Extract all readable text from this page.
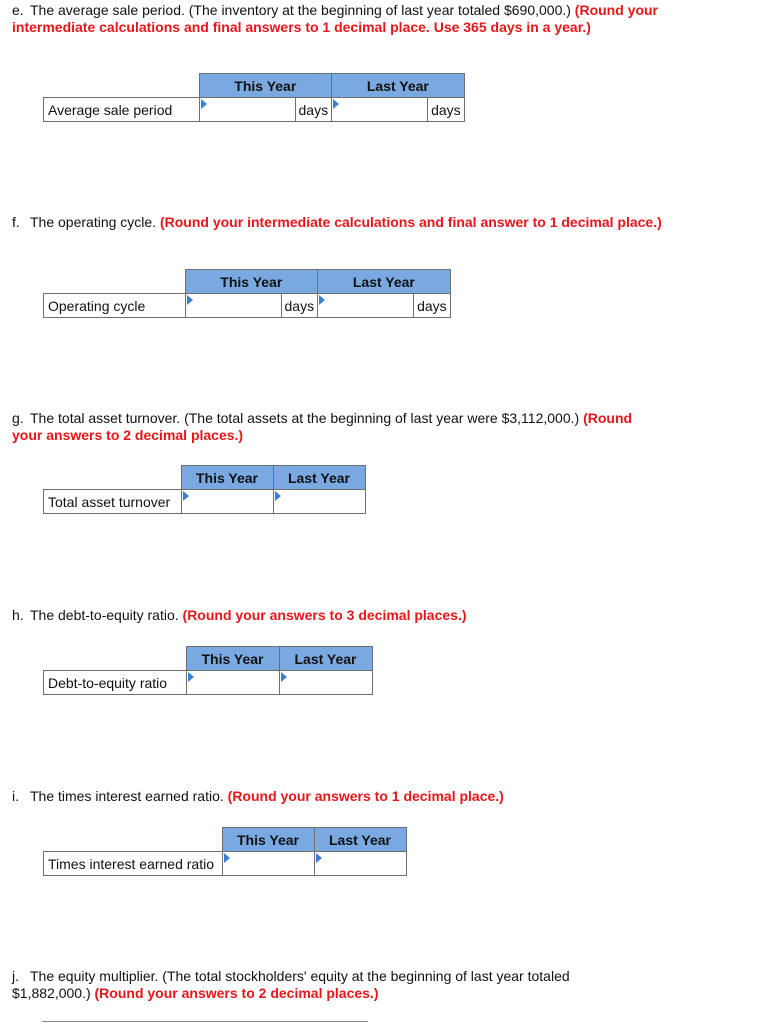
e. The average sale period. (The inventory at the beginning of last year totaled $690,000.) (Round your intermediate calculations and final answers to 1 decimal place. Use 365 days in a year.)
	This Year		Last Year	
Average sale period		days		days
f. The operating cycle. (Round your intermediate calculations and final answer to 1 decimal place.)
	This Year		Last Year	
Operating cycle		days		days
g. The total asset turnover. (The total assets at the beginning of last year were $3,112,000.) (Round your answers to 2 decimal places.)
	This Year	Last Year
Total asset turnover	

h. The debt-to-equity ratio. (Round your answers to 3 decimal places.)
	This Year	Last Year
Debt-to-equity ratio	

i. The times interest earned ratio. (Round your answers to 1 decimal place.)
	This Year	Last Year
Times interest earned ratio	

j. The equity multiplier. (The total stockholders' equity at the beginning of last year totaled $1,882,000.) (Round your answers to 2 decimal places.)
